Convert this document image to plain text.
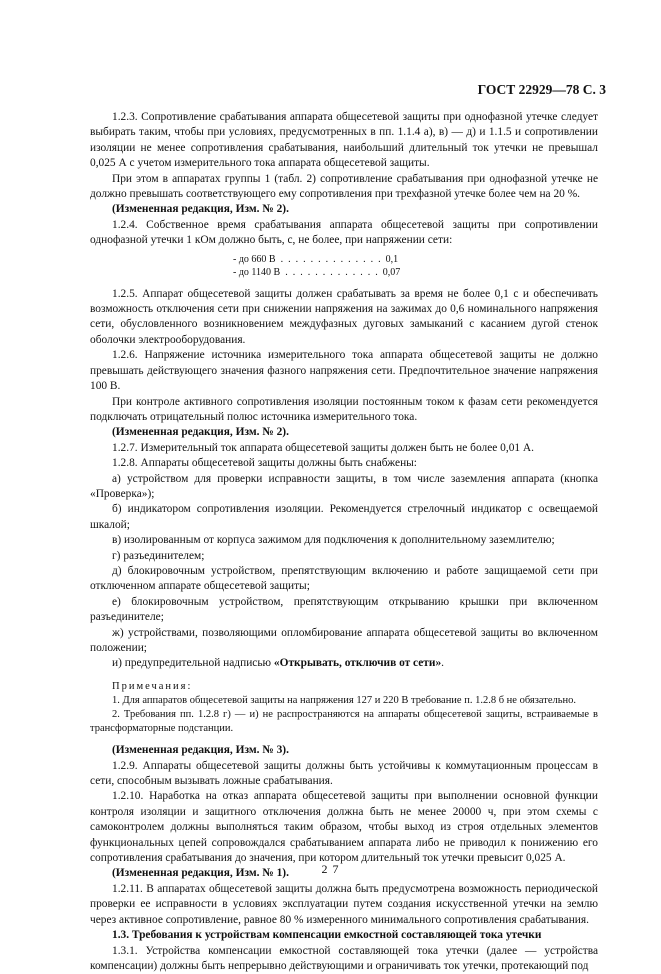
ГОСТ 22929—78 С. 3

1.2.3. Сопротивление срабатывания аппарата общесетевой защиты при однофазной утечке следует выбирать таким, чтобы при условиях, предусмотренных в пп. 1.1.4 а), в) — д) и 1.1.5 и сопротивлении изоляции не менее сопротивления срабатывания, наибольший длительный ток утечки не превышал 0,025 А с учетом измерительного тока аппарата общесетевой защиты.

При этом в аппаратах группы 1 (табл. 2) сопротивление срабатывания при однофазной утечке не должно превышать соответствующего ему сопротивления при трехфазной утечке более чем на 20 %.

(Измененная редакция, Изм. № 2).

1.2.4. Собственное время срабатывания аппарата общесетевой защиты при сопротивлении однофазной утечки 1 кОм должно быть, с, не более, при напряжении сети:

- до 660 В  .  .  .  .  .  .  .  .  .  .  .  .  .  .  0,1
- до 1140 В  .  .  .  .  .  .  .  .  .  .  .  .  .  0,07

1.2.5. Аппарат общесетевой защиты должен срабатывать за время не более 0,1 с и обеспечивать возможность отключения сети при снижении напряжения на зажимах до 0,6 номинального напряжения сети, обусловленного возникновением междуфазных дуговых замыканий с касанием дугой стенок оболочки электрооборудования.

1.2.6. Напряжение источника измерительного тока аппарата общесетевой защиты не должно превышать действующего значения фазного напряжения сети. Предпочтительное значение напряжения 100 В.

При контроле активного сопротивления изоляции постоянным током к фазам сети рекомендуется подключать отрицательный полюс источника измерительного тока.

(Измененная редакция, Изм. № 2).

1.2.7. Измерительный ток аппарата общесетевой защиты должен быть не более 0,01 А.

1.2.8. Аппараты общесетевой защиты должны быть снабжены:

а) устройством для проверки исправности защиты, в том числе заземления аппарата (кнопка «Проверка»);

б) индикатором сопротивления изоляции. Рекомендуется стрелочный индикатор с освещаемой шкалой;

в) изолированным от корпуса зажимом для подключения к дополнительному заземлителю;

г) разъединителем;

д) блокировочным устройством, препятствующим включению и работе защищаемой сети при отключенном аппарате общесетевой защиты;

е) блокировочным устройством, препятствующим открыванию крышки при включенном разъединителе;

ж) устройствами, позволяющими опломбирование аппарата общесетевой защиты во включенном положении;

и) предупредительной надписью «Открывать, отключив от сети».

Примечания:

1. Для аппаратов общесетевой защиты на напряжения 127 и 220 В требование п. 1.2.8 б не обязательно.

2. Требования пп. 1.2.8 г) — и) не распространяются на аппараты общесетевой защиты, встраиваемые в трансформаторные подстанции.

(Измененная редакция, Изм. № 3).

1.2.9. Аппараты общесетевой защиты должны быть устойчивы к коммутационным процессам в сети, способным вызывать ложные срабатывания.

1.2.10. Наработка на отказ аппарата общесетевой защиты при выполнении основной функции контроля изоляции и защитного отключения должна быть не менее 20000 ч, при этом схемы с самоконтролем должны выполняться таким образом, чтобы выход из строя отдельных элементов функциональных цепей сопровождался срабатыванием аппарата либо не приводил к понижению его сопротивления срабатывания до значения, при котором длительный ток утечки превысит 0,025 А.

(Измененная редакция, Изм. № 1).

1.2.11. В аппаратах общесетевой защиты должна быть предусмотрена возможность периодической проверки ее исправности в условиях эксплуатации путем создания искусственной утечки на землю через активное сопротивление, равное 80 % измеренного минимального сопротивления срабатывания.

1.3. Требования к устройствам компенсации емкостной составляющей тока утечки

1.3.1. Устройства компенсации емкостной составляющей тока утечки (далее — устройства компенсации) должны быть непрерывно действующими и ограничивать ток утечки, протекающий под

2 7
